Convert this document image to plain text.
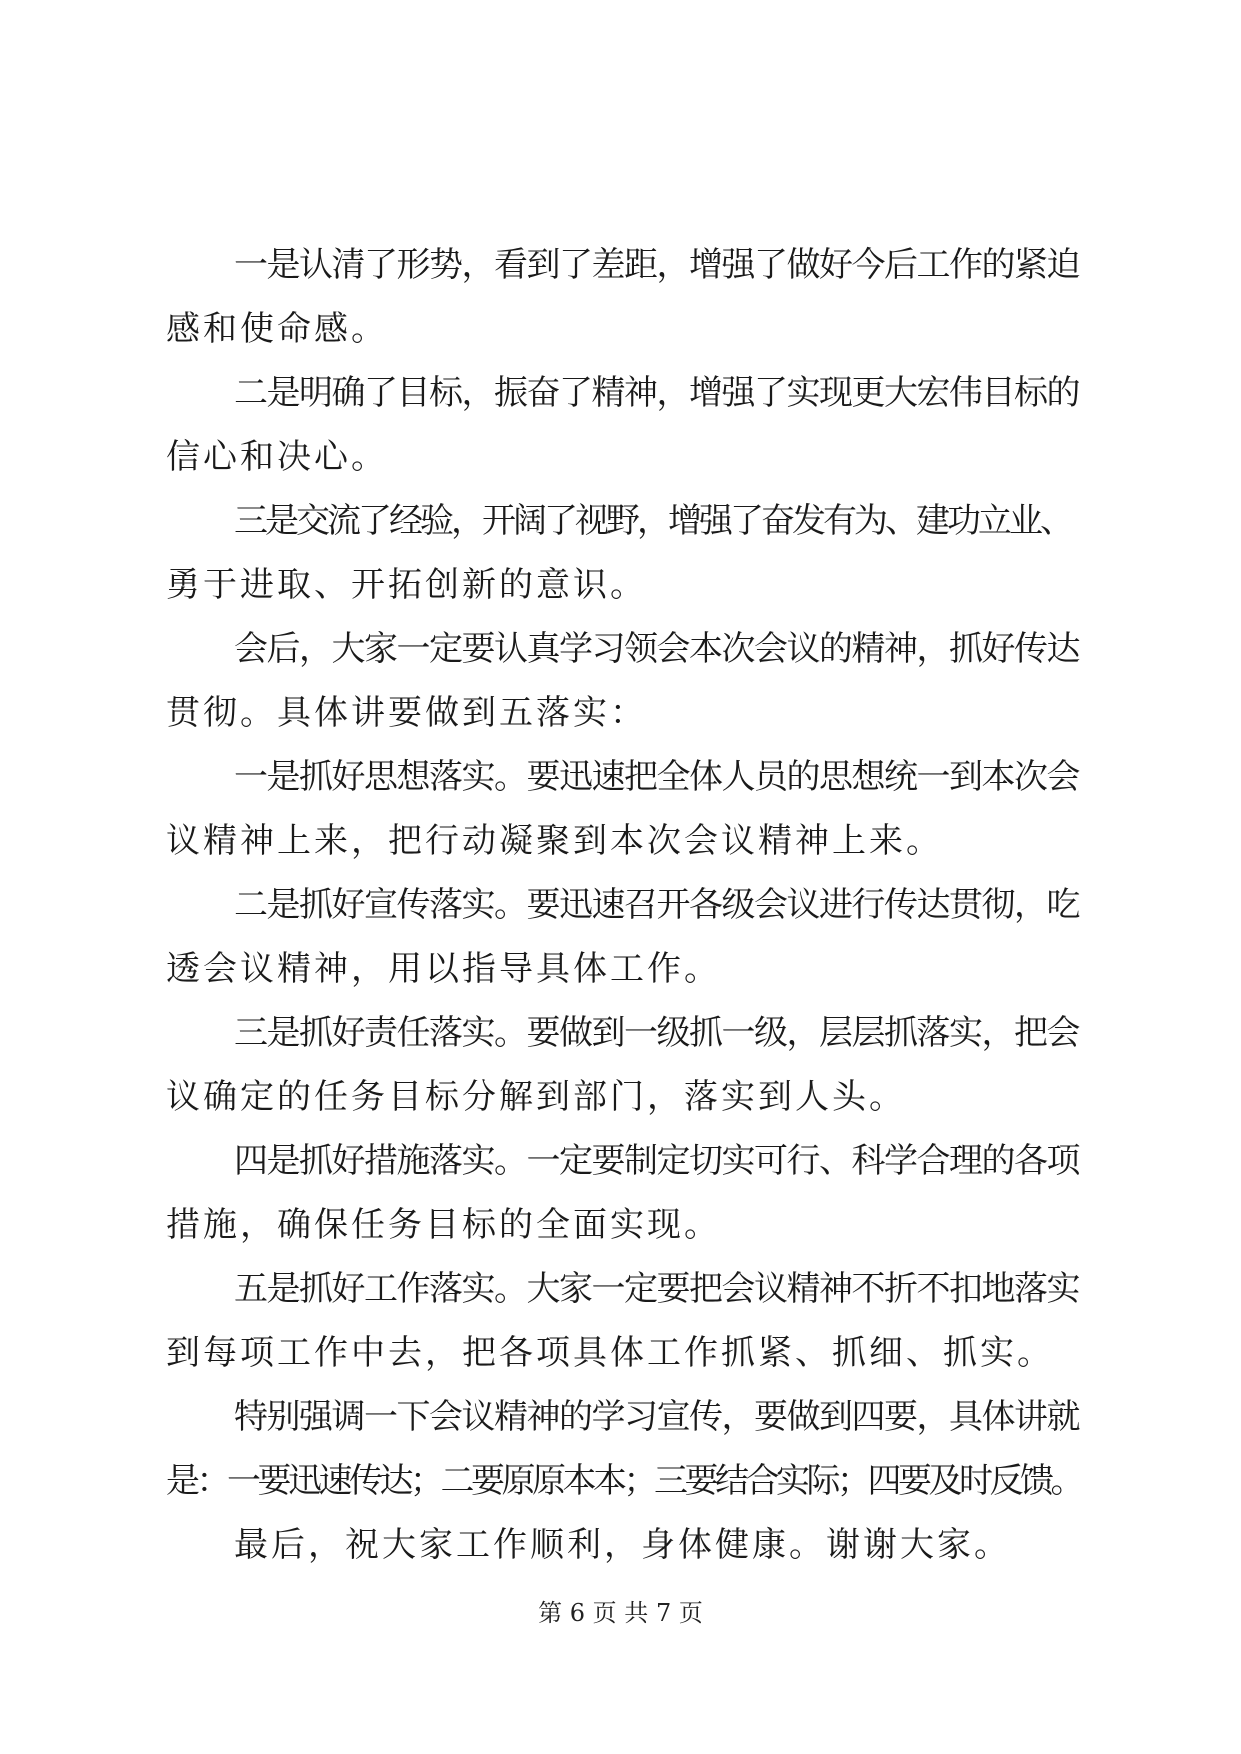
一是认清了形势，看到了差距，增强了做好今后工作的紧迫
感和使命感。
二是明确了目标，振奋了精神，增强了实现更大宏伟目标的
信心和决心。
三是交流了经验，开阔了视野，增强了奋发有为、建功立业、
勇于进取、开拓创新的意识。
会后，大家一定要认真学习领会本次会议的精神，抓好传达
贯彻。具体讲要做到五落实：
一是抓好思想落实。要迅速把全体人员的思想统一到本次会
议精神上来，把行动凝聚到本次会议精神上来。
二是抓好宣传落实。要迅速召开各级会议进行传达贯彻，吃
透会议精神，用以指导具体工作。
三是抓好责任落实。要做到一级抓一级，层层抓落实，把会
议确定的任务目标分解到部门，落实到人头。
四是抓好措施落实。一定要制定切实可行、科学合理的各项
措施，确保任务目标的全面实现。
五是抓好工作落实。大家一定要把会议精神不折不扣地落实
到每项工作中去，把各项具体工作抓紧、抓细、抓实。
特别强调一下会议精神的学习宣传，要做到四要，具体讲就
是：一要迅速传达；二要原原本本；三要结合实际；四要及时反馈。
最后，祝大家工作顺利，身体健康。谢谢大家。
第 6 页 共 7 页
